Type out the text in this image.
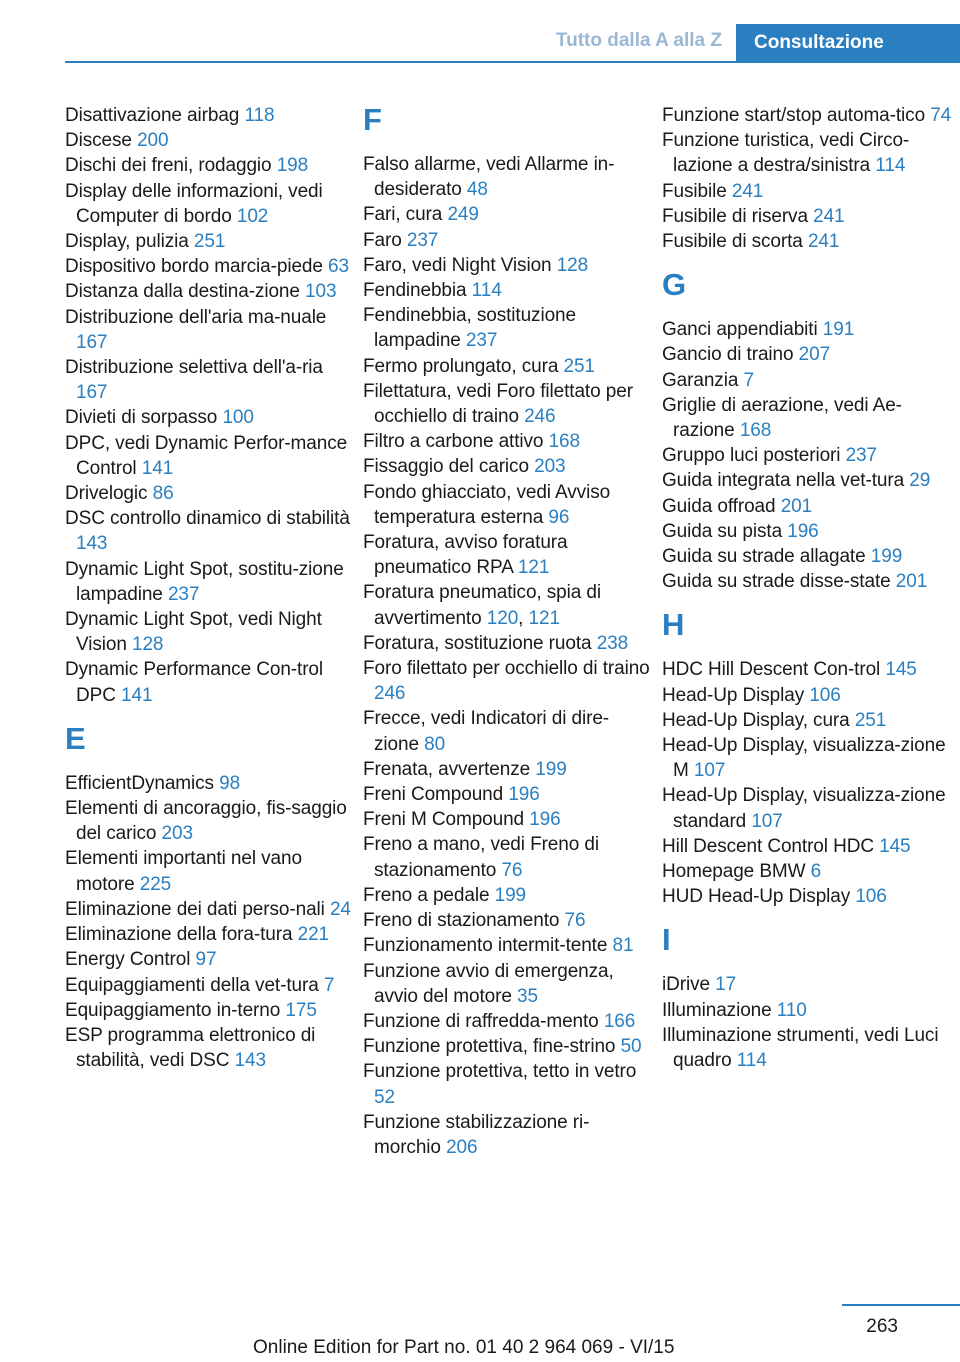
Tutto dalla A alla Z	Consultazione
Disattivazione airbag 118
Discese 200
Dischi dei freni, rodaggio 198
Display delle informazioni, vedi Computer di bordo 102
Display, pulizia 251
Dispositivo bordo marcia-piede 63
Distanza dalla destina-zione 103
Distribuzione dell'aria ma-nuale 167
Distribuzione selettiva dell'a-ria 167
Divieti di sorpasso 100
DPC, vedi Dynamic Perfor-mance Control 141
Drivelogic 86
DSC controllo dinamico di stabilità 143
Dynamic Light Spot, sostitu-zione lampadine 237
Dynamic Light Spot, vedi Night Vision 128
Dynamic Performance Con-trol DPC 141
E
EfficientDynamics 98
Elementi di ancoraggio, fis-saggio del carico 203
Elementi importanti nel vano motore 225
Eliminazione dei dati perso-nali 24
Eliminazione della fora-tura 221
Energy Control 97
Equipaggiamenti della vet-tura 7
Equipaggiamento in-terno 175
ESP programma elettronico di stabilità, vedi DSC 143
F
Falso allarme, vedi Allarme in-desiderato 48
Fari, cura 249
Faro 237
Faro, vedi Night Vision 128
Fendinebbia 114
Fendinebbia, sostituzione lampadine 237
Fermo prolungato, cura 251
Filettatura, vedi Foro filettato per occhiello di traino 246
Filtro a carbone attivo 168
Fissaggio del carico 203
Fondo ghiacciato, vedi Avviso temperatura esterna 96
Foratura, avviso foratura pneumatico RPA 121
Foratura pneumatico, spia di avvertimento 120, 121
Foratura, sostituzione ruota 238
Foro filettato per occhiello di traino 246
Frecce, vedi Indicatori di dire-zione 80
Frenata, avvertenze 199
Freni Compound 196
Freni M Compound 196
Freno a mano, vedi Freno di stazionamento 76
Freno a pedale 199
Freno di stazionamento 76
Funzionamento intermit-tente 81
Funzione avvio di emergenza, avvio del motore 35
Funzione di raffredda-mento 166
Funzione protettiva, fine-strino 50
Funzione protettiva, tetto in vetro 52
Funzione stabilizzazione ri-morchio 206
Funzione start/stop automa-tico 74
Funzione turistica, vedi Circo-lazione a destra/sinistra 114
Fusibile 241
Fusibile di riserva 241
Fusibile di scorta 241
G
Ganci appendiabiti 191
Gancio di traino 207
Garanzia 7
Griglie di aerazione, vedi Ae-razione 168
Gruppo luci posteriori 237
Guida integrata nella vet-tura 29
Guida offroad 201
Guida su pista 196
Guida su strade allagate 199
Guida su strade disse-state 201
H
HDC Hill Descent Con-trol 145
Head-Up Display 106
Head-Up Display, cura 251
Head-Up Display, visualizza-zione M 107
Head-Up Display, visualizza-zione standard 107
Hill Descent Control HDC 145
Homepage BMW 6
HUD Head-Up Display 106
I
iDrive 17
Illuminazione 110
Illuminazione strumenti, vedi Luci quadro 114
263
Online Edition for Part no. 01 40 2 964 069 - VI/15
